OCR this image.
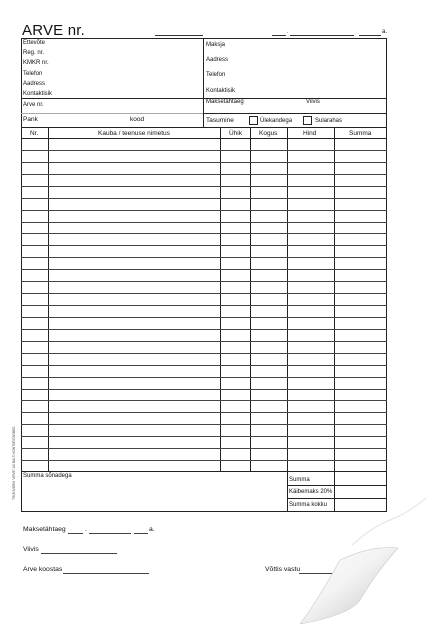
ARVE nr.	.	a.
Ettevõte
Reg. nr.
KMKR nr.
Telefon
Aadress
Kontaktisik
Maksja
Aadress
Telefon
Kontaktisik
Arve nr.
Pank	kood
Maksetähtaeg	Viivis
Tasumine	Ülekandega	Sularahas
Nr.	Kauba / teenuse nimetus	Ühik	Kogus	Hind	Summa
Summa sõnadega
Summa
Käibemaks 20%
Summa kokku
TRÜKIVORM "ARVE" AS BALTI KONTORITARBED
Maksetähtaeg	.	a.
Viivis
Arve koostas	Võttis vastu
